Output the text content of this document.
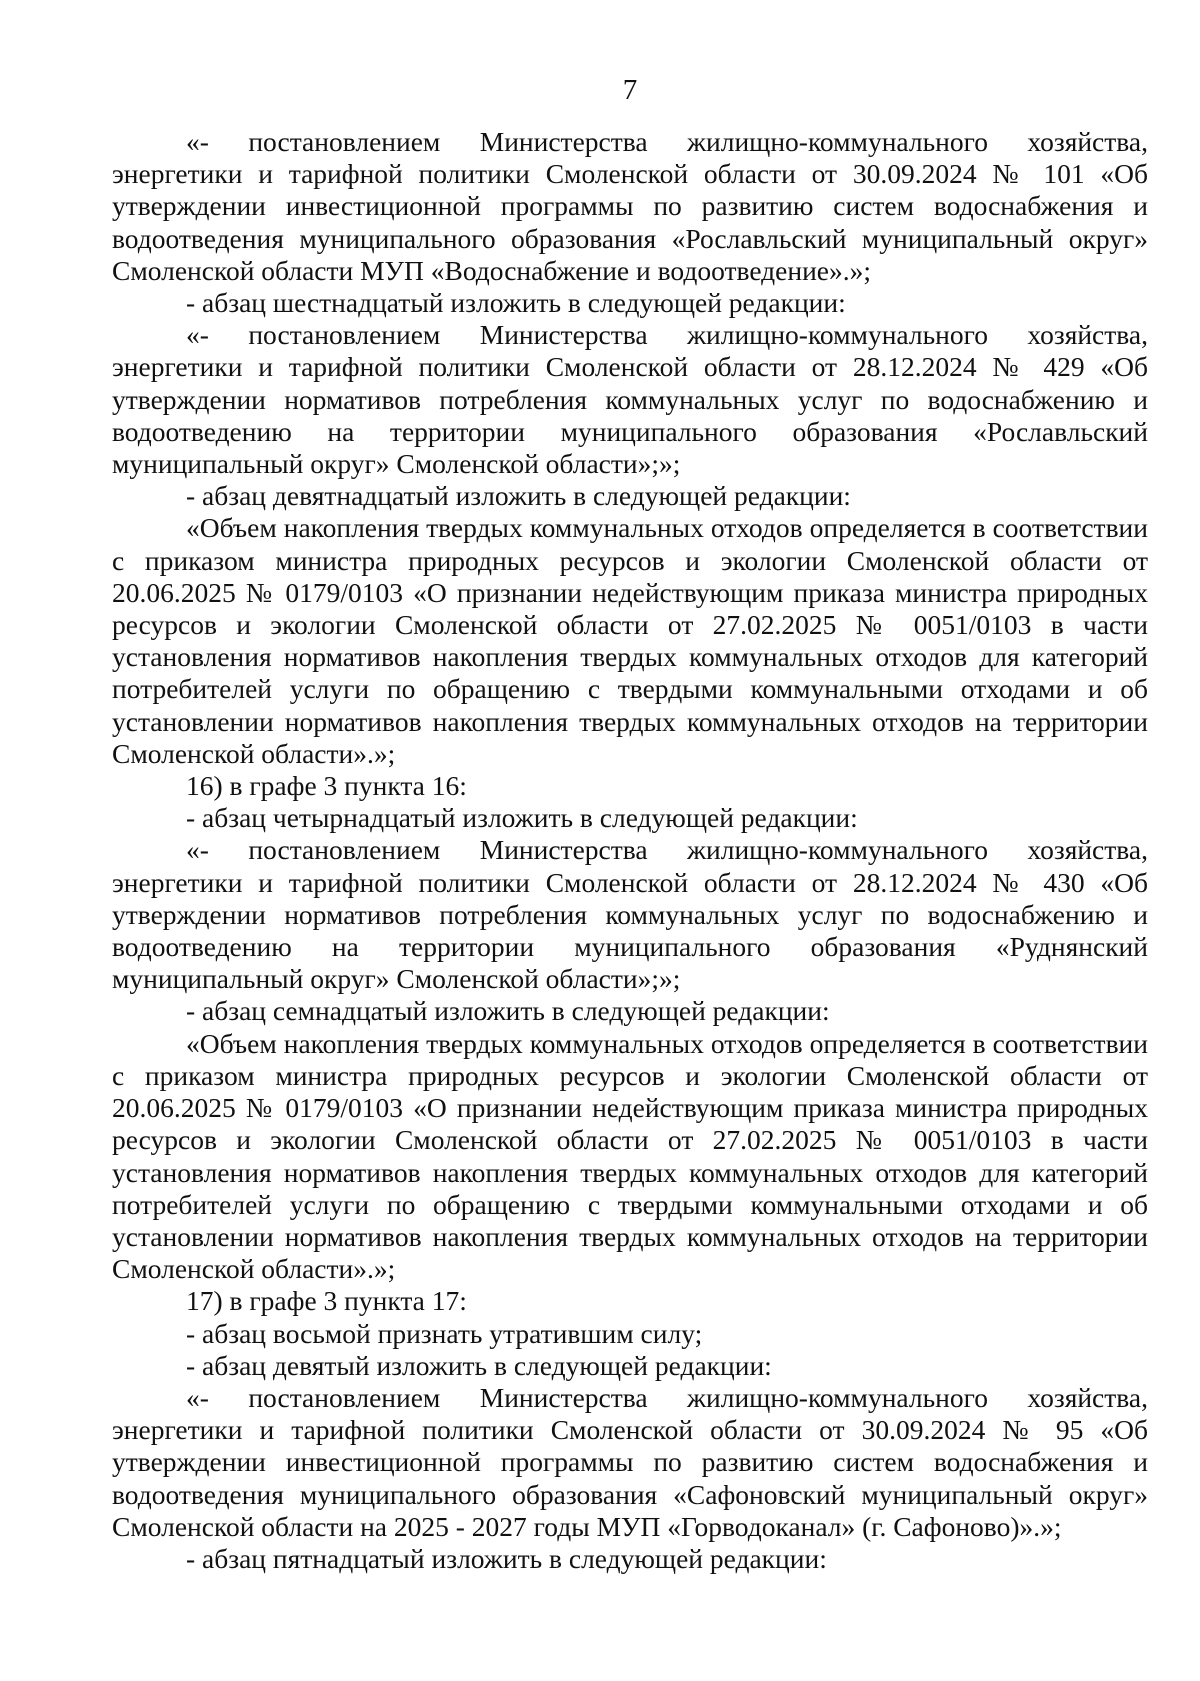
7

«- постановлением Министерства жилищно-коммунального хозяйства, энергетики и тарифной политики Смоленской области от 30.09.2024 № 101 «Об утверждении инвестиционной программы по развитию систем водоснабжения и водоотведения муниципального образования «Рославльский муниципальный округ» Смоленской области МУП «Водоснабжение и водоотведение».»;

- абзац шестнадцатый изложить в следующей редакции:

«- постановлением Министерства жилищно-коммунального хозяйства, энергетики и тарифной политики Смоленской области от 28.12.2024 № 429 «Об утверждении нормативов потребления коммунальных услуг по водоснабжению и водоотведению на территории муниципального образования «Рославльский муниципальный округ» Смоленской области»;»;

- абзац девятнадцатый изложить в следующей редакции:

«Объем накопления твердых коммунальных отходов определяется в соответствии с приказом министра природных ресурсов и экологии Смоленской области от 20.06.2025 № 0179/0103 «О признании недействующим приказа министра природных ресурсов и экологии Смоленской области от 27.02.2025 № 0051/0103 в части установления нормативов накопления твердых коммунальных отходов для категорий потребителей услуги по обращению с твердыми коммунальными отходами и об установлении нормативов накопления твердых коммунальных отходов на территории Смоленской области».»;

16) в графе 3 пункта 16:

- абзац четырнадцатый изложить в следующей редакции:

«- постановлением Министерства жилищно-коммунального хозяйства, энергетики и тарифной политики Смоленской области от 28.12.2024 № 430 «Об утверждении нормативов потребления коммунальных услуг по водоснабжению и водоотведению на территории муниципального образования «Руднянский муниципальный округ» Смоленской области»;»;

- абзац семнадцатый изложить в следующей редакции:

«Объем накопления твердых коммунальных отходов определяется в соответствии с приказом министра природных ресурсов и экологии Смоленской области от 20.06.2025 № 0179/0103 «О признании недействующим приказа министра природных ресурсов и экологии Смоленской области от 27.02.2025 № 0051/0103 в части установления нормативов накопления твердых коммунальных отходов для категорий потребителей услуги по обращению с твердыми коммунальными отходами и об установлении нормативов накопления твердых коммунальных отходов на территории Смоленской области».»;

17) в графе 3 пункта 17:

- абзац восьмой признать утратившим силу;

- абзац девятый изложить в следующей редакции:

«- постановлением Министерства жилищно-коммунального хозяйства, энергетики и тарифной политики Смоленской области от 30.09.2024 № 95 «Об утверждении инвестиционной программы по развитию систем водоснабжения и водоотведения муниципального образования «Сафоновский муниципальный округ» Смоленской области на 2025 - 2027 годы МУП «Горводоканал» (г. Сафоново)».»;

- абзац пятнадцатый изложить в следующей редакции:
